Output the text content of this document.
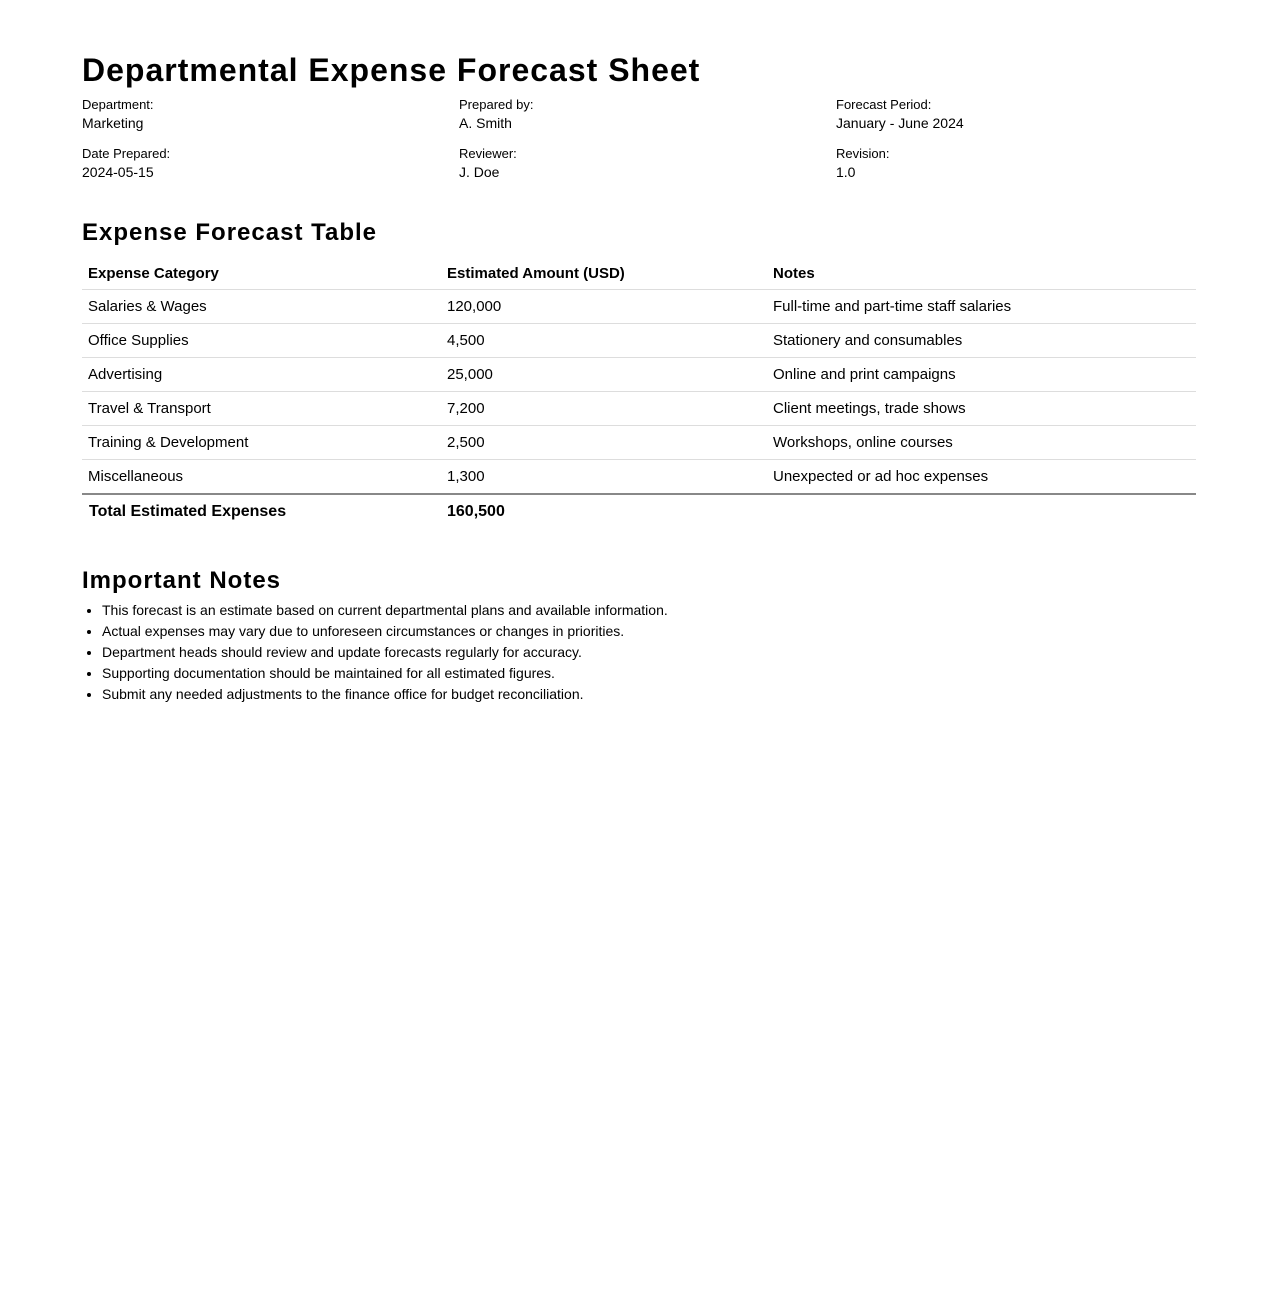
Departmental Expense Forecast Sheet
Department:
Marketing
Prepared by:
A. Smith
Forecast Period:
January - June 2024
Date Prepared:
2024-05-15
Reviewer:
J. Doe
Revision:
1.0
Expense Forecast Table
Expense Category	Estimated Amount (USD)	Notes
Salaries & Wages	120,000	Full-time and part-time staff salaries
Office Supplies	4,500	Stationery and consumables
Advertising	25,000	Online and print campaigns
Travel & Transport	7,200	Client meetings, trade shows
Training & Development	2,500	Workshops, online courses
Miscellaneous	1,300	Unexpected or ad hoc expenses
Total Estimated Expenses	160,500	
Important Notes
• This forecast is an estimate based on current departmental plans and available information.
• Actual expenses may vary due to unforeseen circumstances or changes in priorities.
• Department heads should review and update forecasts regularly for accuracy.
• Supporting documentation should be maintained for all estimated figures.
• Submit any needed adjustments to the finance office for budget reconciliation.
